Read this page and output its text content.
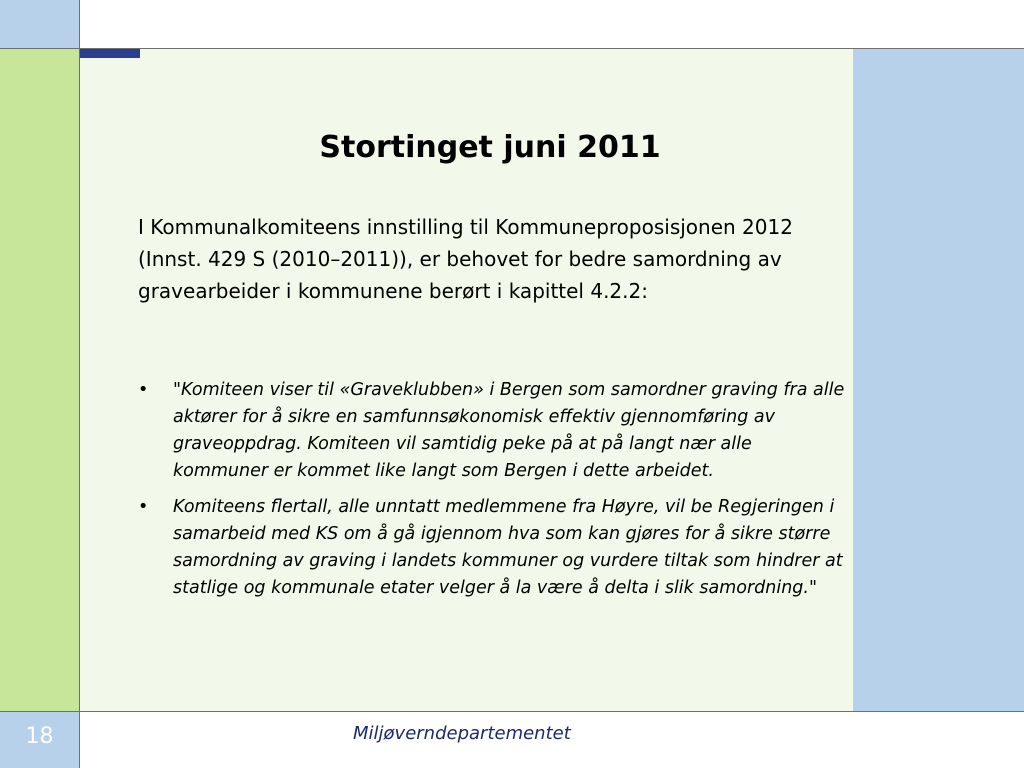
Stortinget juni 2011

I Kommunalkomiteens innstilling til Kommuneproposisjonen 2012 (Innst. 429 S (2010–2011)), er behovet for bedre samordning av gravearbeider i kommunene berørt i kapittel 4.2.2:

• "Komiteen viser til «Graveklubben» i Bergen som samordner graving fra alle aktører for å sikre en samfunnsøkonomisk effektiv gjennomføring av graveoppdrag. Komiteen vil samtidig peke på at på langt nær alle kommuner er kommet like langt som Bergen i dette arbeidet.
• Komiteens flertall, alle unntatt medlemmene fra Høyre, vil be Regjeringen i samarbeid med KS om å gå igjennom hva som kan gjøres for å sikre større samordning av graving i landets kommuner og vurdere tiltak som hindrer at statlige og kommunale etater velger å la være å delta i slik samordning."
18	Miljøverndepartementet
